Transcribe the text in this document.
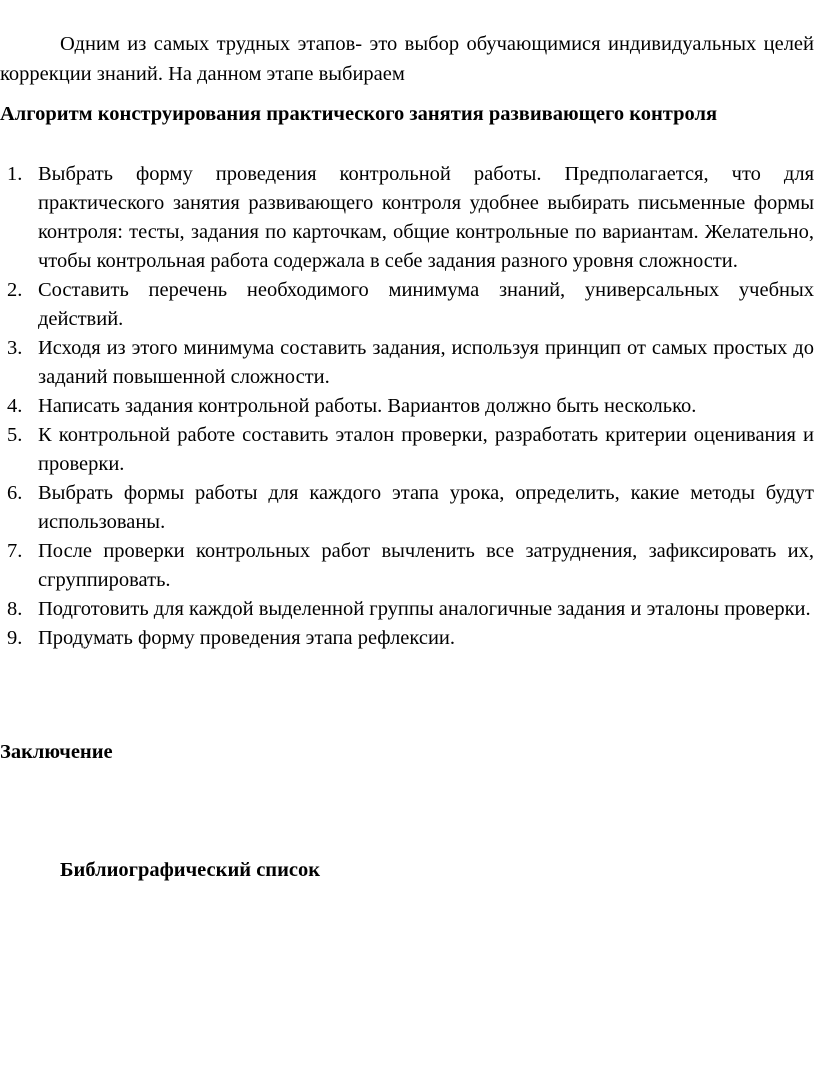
Одним из самых трудных этапов- это выбор обучающимися индивидуальных целей коррекции знаний. На данном этапе выбираем

Алгоритм конструирования практического занятия развивающего контроля
1. Выбрать форму проведения контрольной работы. Предполагается, что для практического занятия развивающего контроля удобнее выбирать письменные формы контроля: тесты, задания по карточкам, общие контрольные по вариантам. Желательно, чтобы контрольная работа содержала в себе задания разного уровня сложности.
2. Составить перечень необходимого минимума знаний, универсальных учебных действий.
3. Исходя из этого минимума составить задания, используя принцип от самых простых до заданий повышенной сложности.
4. Написать задания контрольной работы. Вариантов должно быть несколько.
5. К контрольной работе составить эталон проверки, разработать критерии оценивания и проверки.
6. Выбрать формы работы для каждого этапа урока, определить, какие методы будут использованы.
7. После проверки контрольных работ вычленить все затруднения, зафиксировать их, сгруппировать.
8. Подготовить для каждой выделенной группы аналогичные задания и эталоны проверки.
9. Продумать форму проведения этапа рефлексии.
Заключение
Библиографический список
